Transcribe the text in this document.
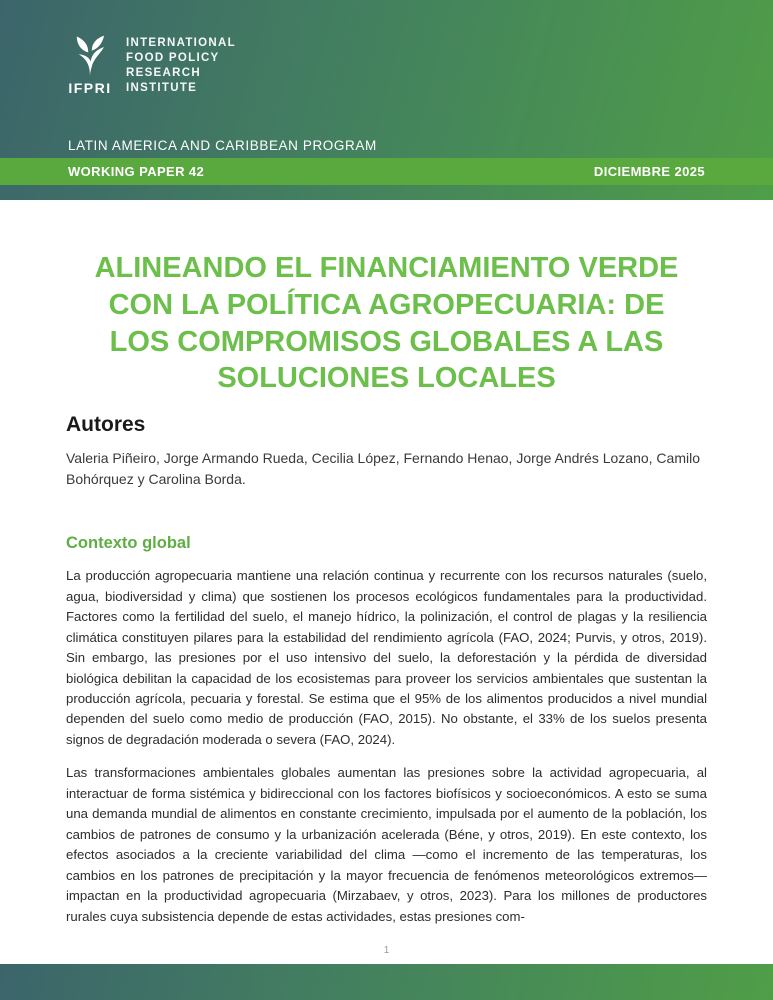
IFPRI
INTERNATIONAL
FOOD POLICY
RESEARCH
INSTITUTE
LATIN AMERICA AND CARIBBEAN PROGRAM
WORKING PAPER 42	DICIEMBRE 2025
ALINEANDO EL FINANCIAMIENTO VERDE
CON LA POLÍTICA AGROPECUARIA: DE
LOS COMPROMISOS GLOBALES A LAS
SOLUCIONES LOCALES
Autores

Valeria Piñeiro, Jorge Armando Rueda, Cecilia López, Fernando Henao, Jorge Andrés Lozano, Camilo Bohórquez y Carolina Borda.

Contexto global

La producción agropecuaria mantiene una relación continua y recurrente con los recursos naturales (suelo, agua, biodiversidad y clima) que sostienen los procesos ecológicos fundamentales para la productividad. Factores como la fertilidad del suelo, el manejo hídrico, la polinización, el control de plagas y la resiliencia climática constituyen pilares para la estabilidad del rendimiento agrícola (FAO, 2024; Purvis, y otros, 2019). Sin embargo, las presiones por el uso intensivo del suelo, la deforestación y la pérdida de diversidad biológica debilitan la capacidad de los ecosistemas para proveer los servicios ambientales que sustentan la producción agrícola, pecuaria y forestal. Se estima que el 95% de los alimentos producidos a nivel mundial dependen del suelo como medio de producción (FAO, 2015). No obstante, el 33% de los suelos presenta signos de degradación moderada o severa (FAO, 2024).

Las transformaciones ambientales globales aumentan las presiones sobre la actividad agropecuaria, al interactuar de forma sistémica y bidireccional con los factores biofísicos y socioeconómicos. A esto se suma una demanda mundial de alimentos en constante crecimiento, impulsada por el aumento de la población, los cambios de patrones de consumo y la urbanización acelerada (Béne, y otros, 2019). En este contexto, los efectos asociados a la creciente variabilidad del clima —como el incremento de las temperaturas, los cambios en los patrones de precipitación y la mayor frecuencia de fenómenos meteorológicos extremos— impactan en la productividad agropecuaria (Mirzabaev, y otros, 2023). Para los millones de productores rurales cuya subsistencia depende de estas actividades, estas presiones com-

1
